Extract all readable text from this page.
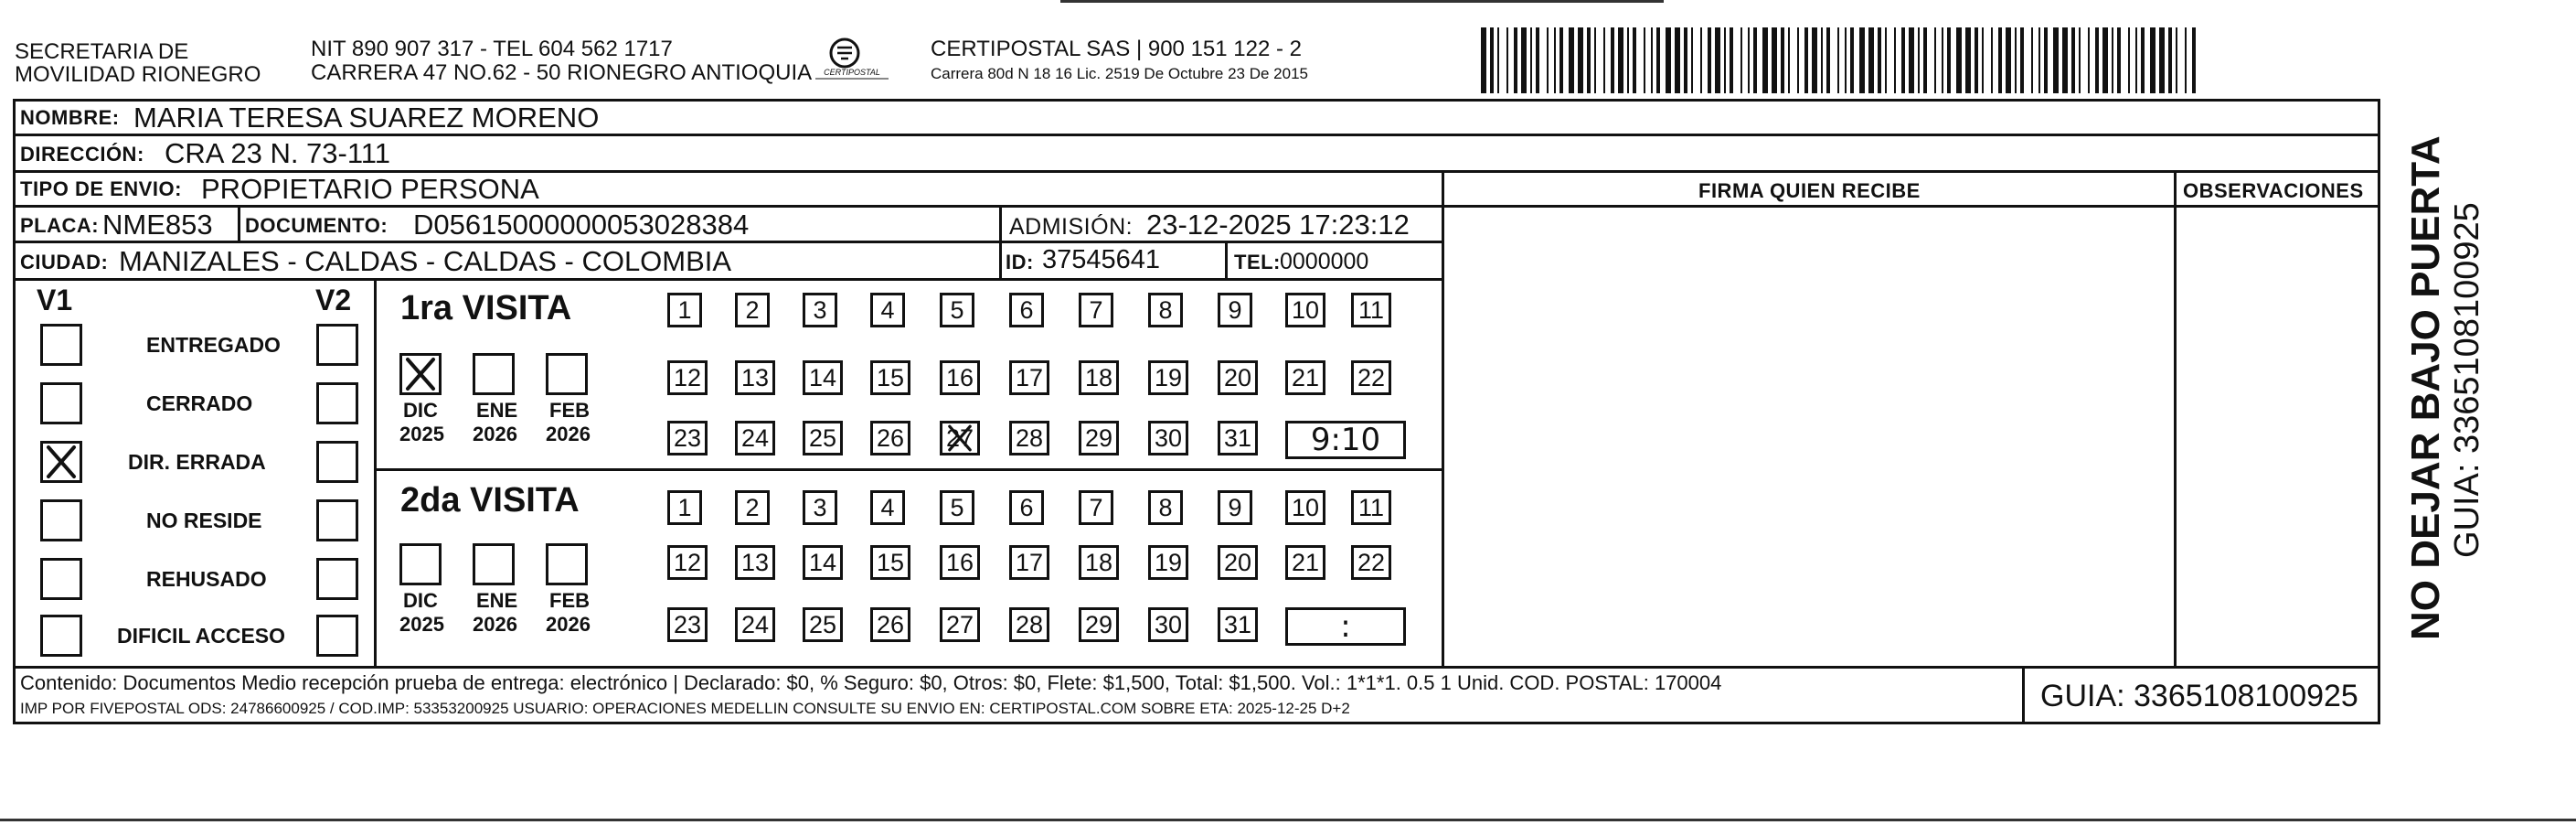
SECRETARIA DE
MOVILIDAD RIONEGRO
NIT 890 907 317 - TEL 604 562 1717
CARRERA 47 NO.62 - 50 RIONEGRO ANTIOQUIA CERTIPOSTAL
CERTIPOSTAL SAS | 900 151 122 - 2
Carrera 80d N 18 16 Lic. 2519 De Octubre 23 De 2015
NOMBRE: MARIA TERESA SUAREZ MORENO
DIRECCIÓN: CRA 23 N. 73-111
TIPO DE ENVIO: PROPIETARIO PERSONA	FIRMA QUIEN RECIBE	OBSERVACIONES
PLACA: NME853 DOCUMENTO: D05615000000053028384	ADMISIÓN: 23-12-2025 17:23:12
CIUDAD: MANIZALES - CALDAS - CALDAS - COLOMBIA	ID: 37545641	TEL: 0000000
V1	V2
ENTREGADO
CERRADO
DIR. ERRADA
NO RESIDE
REHUSADO
DIFICIL ACCESO
1ra VISITA
DIC
2025
ENE
2026
FEB
2026
1 2 3 4 5 6 7 8 9 10 11
12 13 14 15 16 17 18 19 20 21 22
23 24 25 26 27 28 29 30 31	9:10
2da VISITA
DIC
2025
ENE
2026
FEB
2026
1 2 3 4 5 6 7 8 9 10 11
12 13 14 15 16 17 18 19 20 21 22
23 24 25 26 27 28 29 30 31	:
Contenido: Documentos Medio recepción prueba de entrega: electrónico | Declarado: $0, % Seguro: $0, Otros: $0, Flete: $1,500, Total: $1,500. Vol.: 1*1*1. 0.5 1 Unid. COD. POSTAL: 170004
IMP POR FIVEPOSTAL ODS: 24786600925 / COD.IMP: 53353200925 USUARIO: OPERACIONES MEDELLIN CONSULTE SU ENVIO EN: CERTIPOSTAL.COM SOBRE ETA: 2025-12-25 D+2	GUIA: 3365108100925
NO DEJAR BAJO PUERTA GUIA: 3365108100925
